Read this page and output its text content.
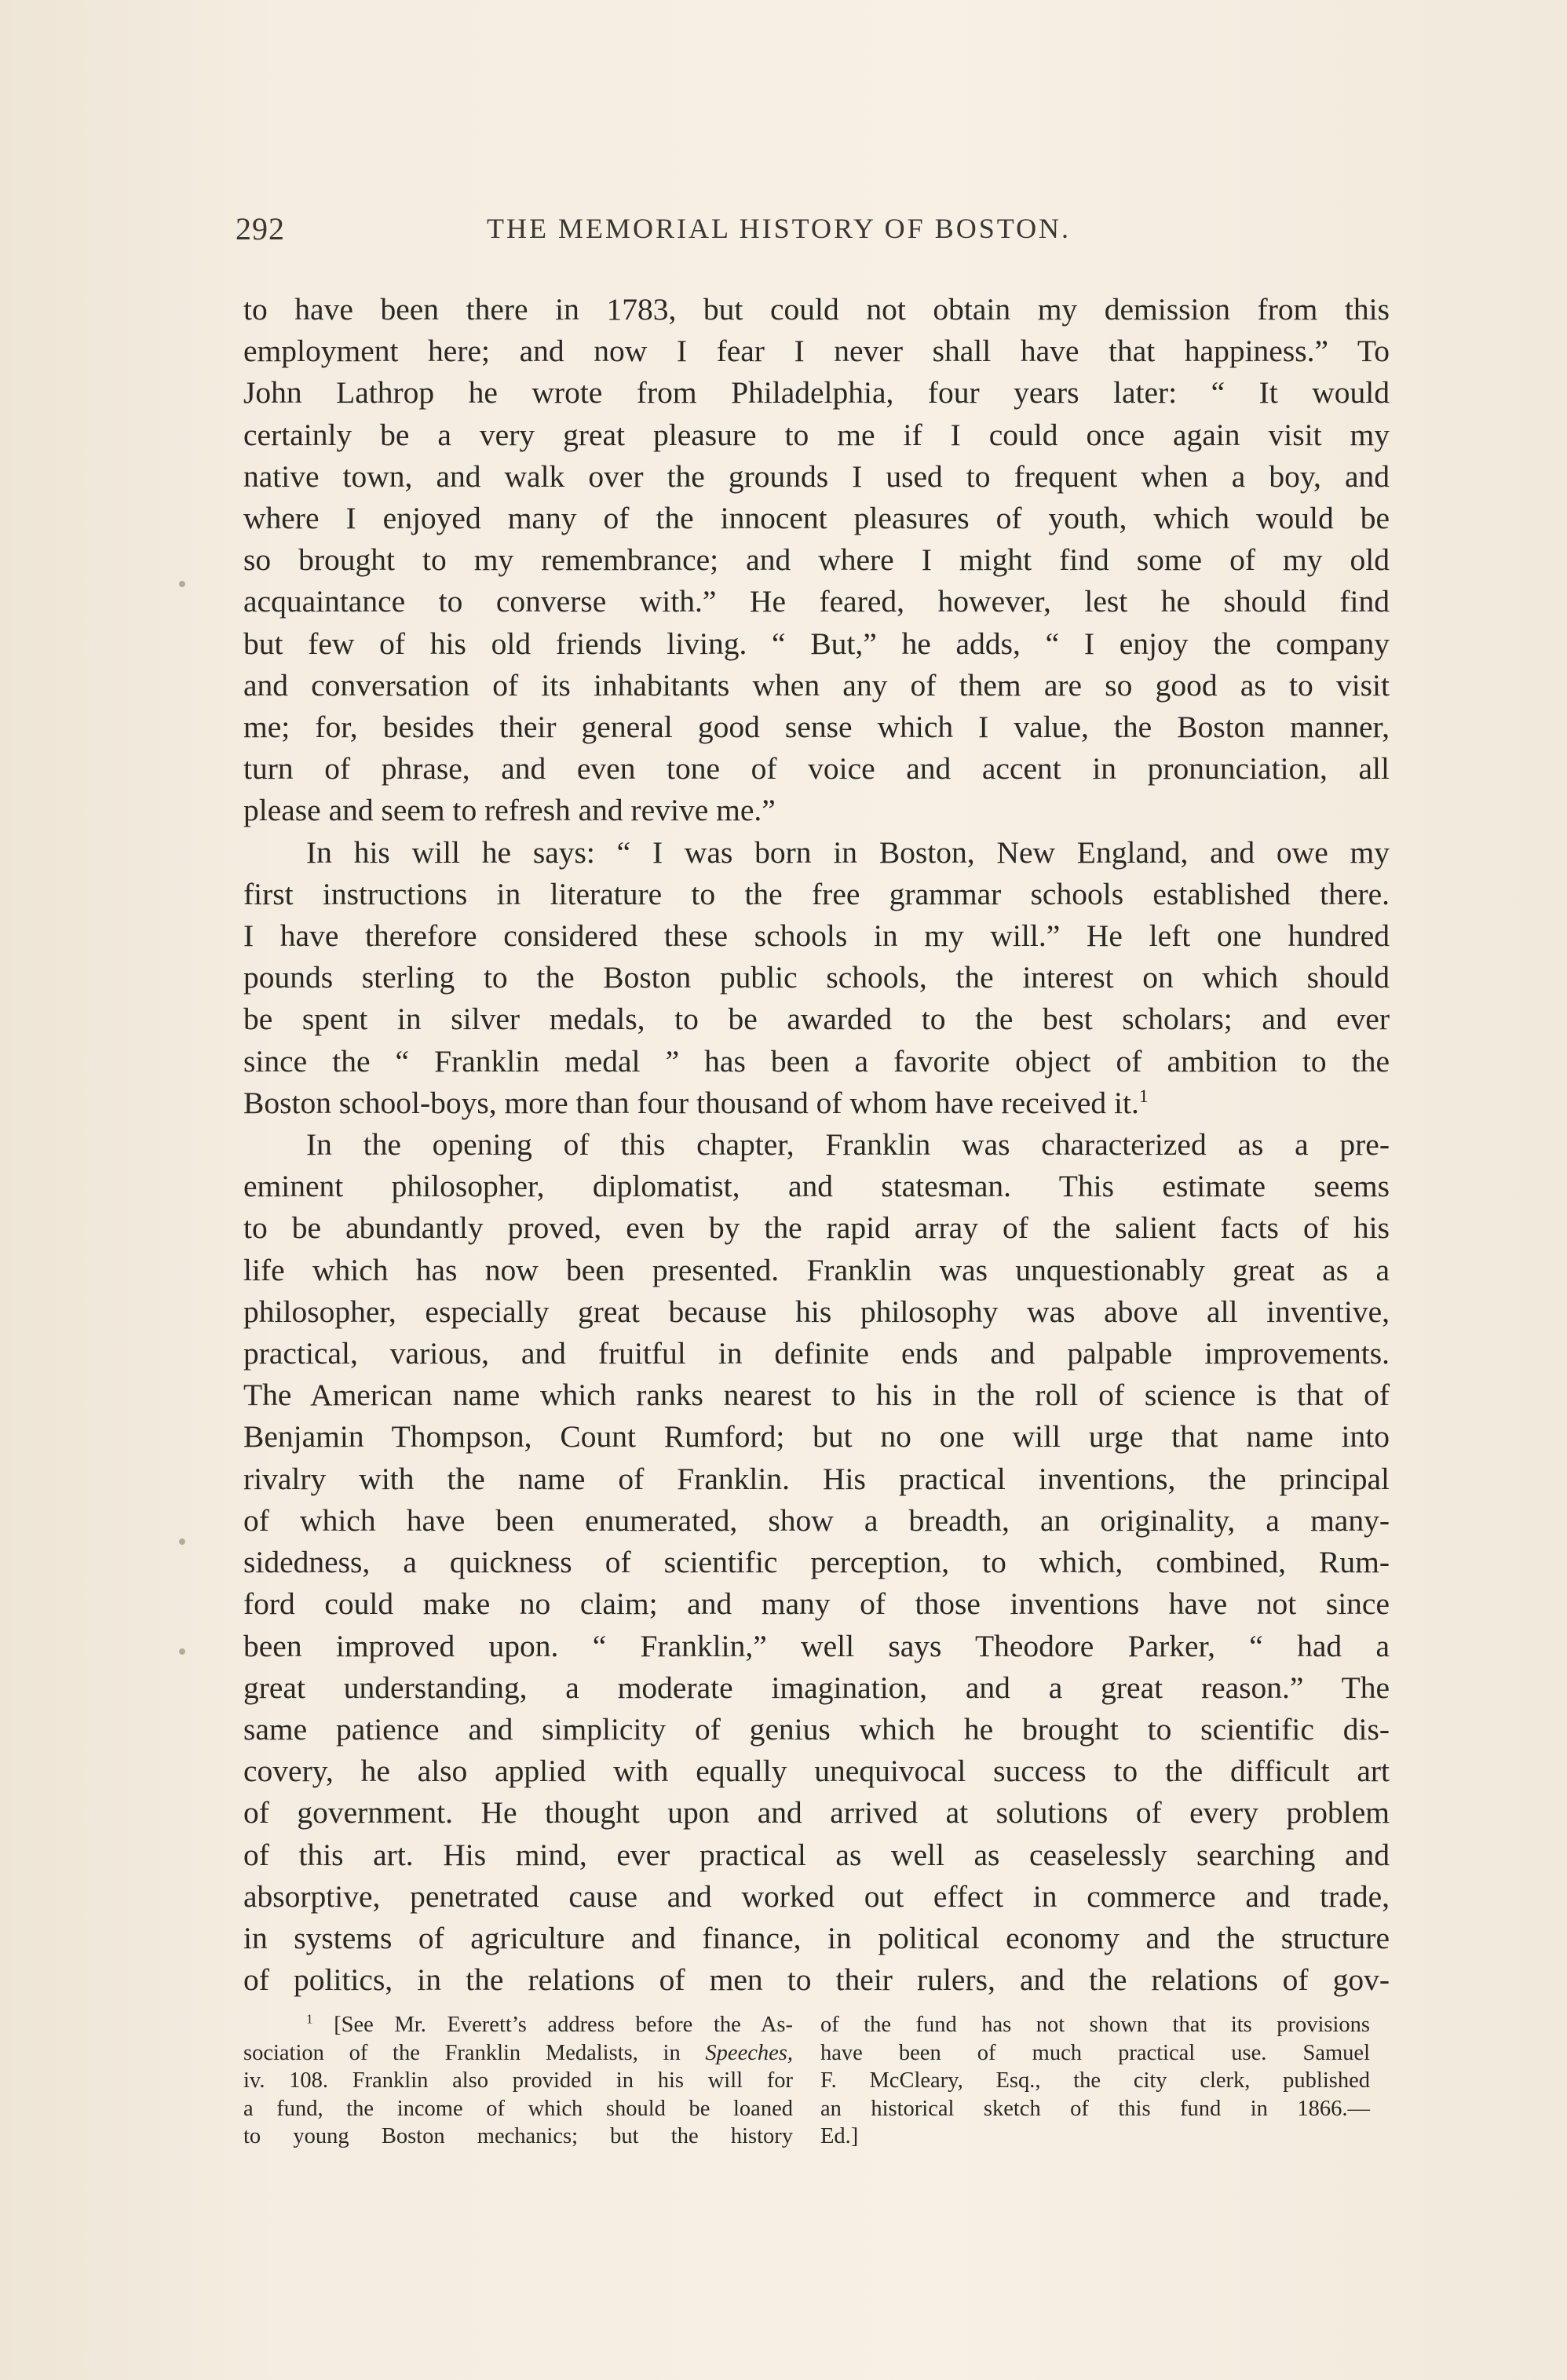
292	THE MEMORIAL HISTORY OF BOSTON.
to have been there in 1783, but could not obtain my demission from this
employment here; and now I fear I never shall have that happiness.” To
John Lathrop he wrote from Philadelphia, four years later: “ It would
certainly be a very great pleasure to me if I could once again visit my
native town, and walk over the grounds I used to frequent when a boy, and
where I enjoyed many of the innocent pleasures of youth, which would be
so brought to my remembrance; and where I might find some of my old
acquaintance to converse with.” He feared, however, lest he should find
but few of his old friends living. “ But,” he adds, “ I enjoy the company
and conversation of its inhabitants when any of them are so good as to visit
me; for, besides their general good sense which I value, the Boston manner,
turn of phrase, and even tone of voice and accent in pronunciation, all
please and seem to refresh and revive me.”
In his will he says: “ I was born in Boston, New England, and owe my
first instructions in literature to the free grammar schools established there.
I have therefore considered these schools in my will.” He left one hundred
pounds sterling to the Boston public schools, the interest on which should
be spent in silver medals, to be awarded to the best scholars; and ever
since the “ Franklin medal ” has been a favorite object of ambition to the
Boston school-boys, more than four thousand of whom have received it.$^1$
In the opening of this chapter, Franklin was characterized as a pre-
eminent philosopher, diplomatist, and statesman. This estimate seems
to be abundantly proved, even by the rapid array of the salient facts of his
life which has now been presented. Franklin was unquestionably great as a
philosopher, especially great because his philosophy was above all inventive,
practical, various, and fruitful in definite ends and palpable improvements.
The American name which ranks nearest to his in the roll of science is that of
Benjamin Thompson, Count Rumford; but no one will urge that name into
rivalry with the name of Franklin. His practical inventions, the principal
of which have been enumerated, show a breadth, an originality, a many-
sidedness, a quickness of scientific perception, to which, combined, Rum-
ford could make no claim; and many of those inventions have not since
been improved upon. “ Franklin,” well says Theodore Parker, “ had a
great understanding, a moderate imagination, and a great reason.” The
same patience and simplicity of genius which he brought to scientific dis-
covery, he also applied with equally unequivocal success to the difficult art
of government. He thought upon and arrived at solutions of every problem
of this art. His mind, ever practical as well as ceaselessly searching and
absorptive, penetrated cause and worked out effect in commerce and trade,
in systems of agriculture and finance, in political economy and the structure
of politics, in the relations of men to their rulers, and the relations of gov-
$^1$ [See Mr. Everett’s address before the As-
sociation of the Franklin Medalists, in Speeches,
iv. 108. Franklin also provided in his will for
a fund, the income of which should be loaned
to young Boston mechanics; but the history
of the fund has not shown that its provisions
have been of much practical use. Samuel
F. McCleary, Esq., the city clerk, published
an historical sketch of this fund in 1866.—
Ed.]
